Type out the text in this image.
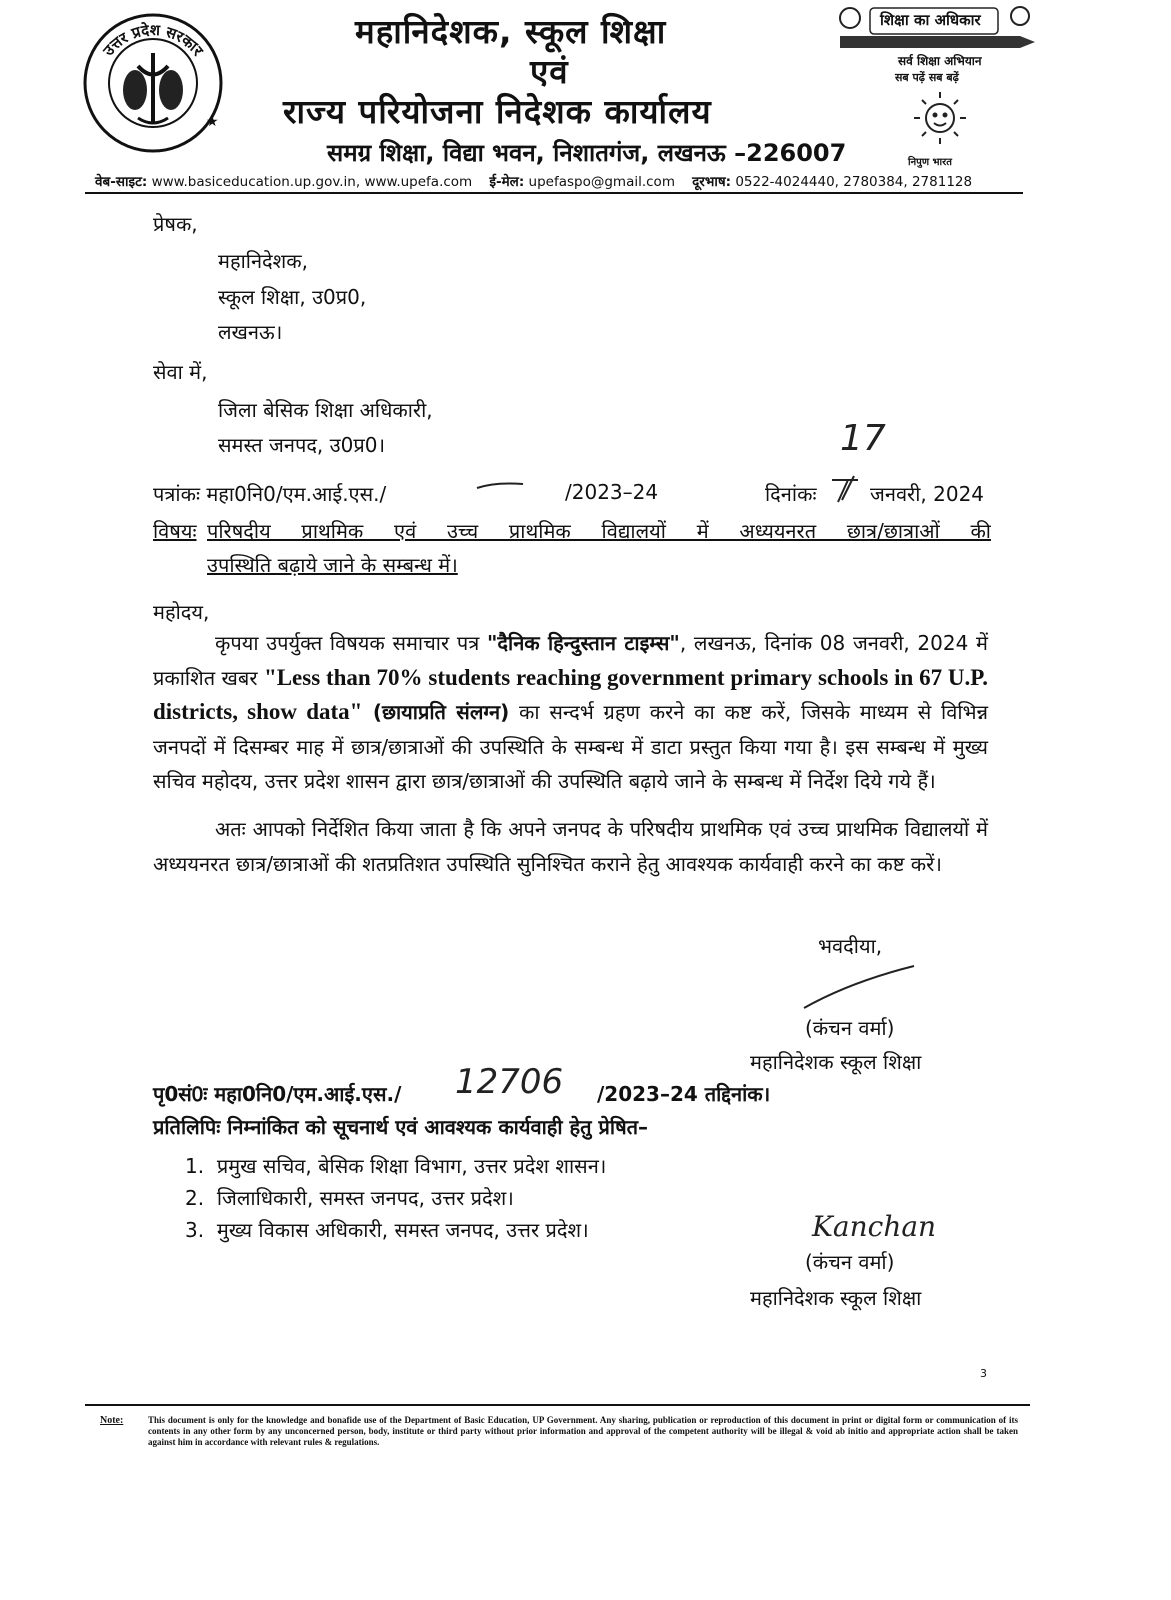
उत्तर प्रदेश सरकार
★
महानिदेशक, स्कूल शिक्षा
एवं
राज्य परियोजना निदेशक कार्यालय
समग्र शिक्षा, विद्या भवन, निशातगंज, लखनऊ –226007
शिक्षा का अधिकार
सर्व शिक्षा अभियान
सब पढ़ें सब बढ़ें
निपुण भारत
वेब-साइट: www.basiceducation.up.gov.in, www.upefa.com ई-मेल: upefaspo@gmail.com दूरभाष: 0522-4024440, 2780384, 2781128
प्रेषक,
महानिदेशक,
स्कूल शिक्षा, उ0प्र0,
लखनऊ।
सेवा में,
जिला बेसिक शिक्षा अधिकारी,
समस्त जनपद, उ0प्र0।
पत्रांकः महा0नि0/एम.आई.एस./	/2023–24	दिनांकः
17
जनवरी, 2024
विषयः परिषदीय प्राथमिक एवं उच्च प्राथमिक विद्यालयों में अध्ययनरत छात्र/छात्राओं की
उपस्थिति बढ़ाये जाने के सम्बन्ध में।
महोदय,
कृपया उपर्युक्त विषयक समाचार पत्र "दैनिक हिन्दुस्तान टाइम्स", लखनऊ, दिनांक 08 जनवरी, 2024 में प्रकाशित खबर "Less than 70% students reaching government primary schools in 67 U.P. districts, show data" (छायाप्रति संलग्न) का सन्दर्भ ग्रहण करने का कष्ट करें, जिसके माध्यम से विभिन्न जनपदों में दिसम्बर माह में छात्र/छात्राओं की उपस्थिति के सम्बन्ध में डाटा प्रस्तुत किया गया है। इस सम्बन्ध में मुख्य सचिव महोदय, उत्तर प्रदेश शासन द्वारा छात्र/छात्राओं की उपस्थिति बढ़ाये जाने के सम्बन्ध में निर्देश दिये गये हैं।
अतः आपको निर्देशित किया जाता है कि अपने जनपद के परिषदीय प्राथमिक एवं उच्च प्राथमिक विद्यालयों में अध्ययनरत छात्र/छात्राओं की शतप्रतिशत उपस्थिति सुनिश्चित कराने हेतु आवश्यक कार्यवाही करने का कष्ट करें।
भवदीया,
(कंचन वर्मा)
महानिदेशक स्कूल शिक्षा
पृ0सं0ः महा0नि0/एम.आई.एस./ 12706 /2023–24 तद्दिनांक।
प्रतिलिपिः निम्नांकित को सूचनार्थ एवं आवश्यक कार्यवाही हेतु प्रेषित–
1. प्रमुख सचिव, बेसिक शिक्षा विभाग, उत्तर प्रदेश शासन।
2. जिलाधिकारी, समस्त जनपद, उत्तर प्रदेश।
3. मुख्य विकास अधिकारी, समस्त जनपद, उत्तर प्रदेश।	Kanchan
(कंचन वर्मा)
महानिदेशक स्कूल शिक्षा
3
Note:	This document is only for the knowledge and bonafide use of the Department of Basic Education, UP Government. Any sharing, publication or reproduction of this document in print or digital form or communication of its contents in any other form by any unconcerned person, body, institute or third party without prior information and approval of the competent authority will be illegal & void ab initio and appropriate action shall be taken against him in accordance with relevant rules & regulations.
